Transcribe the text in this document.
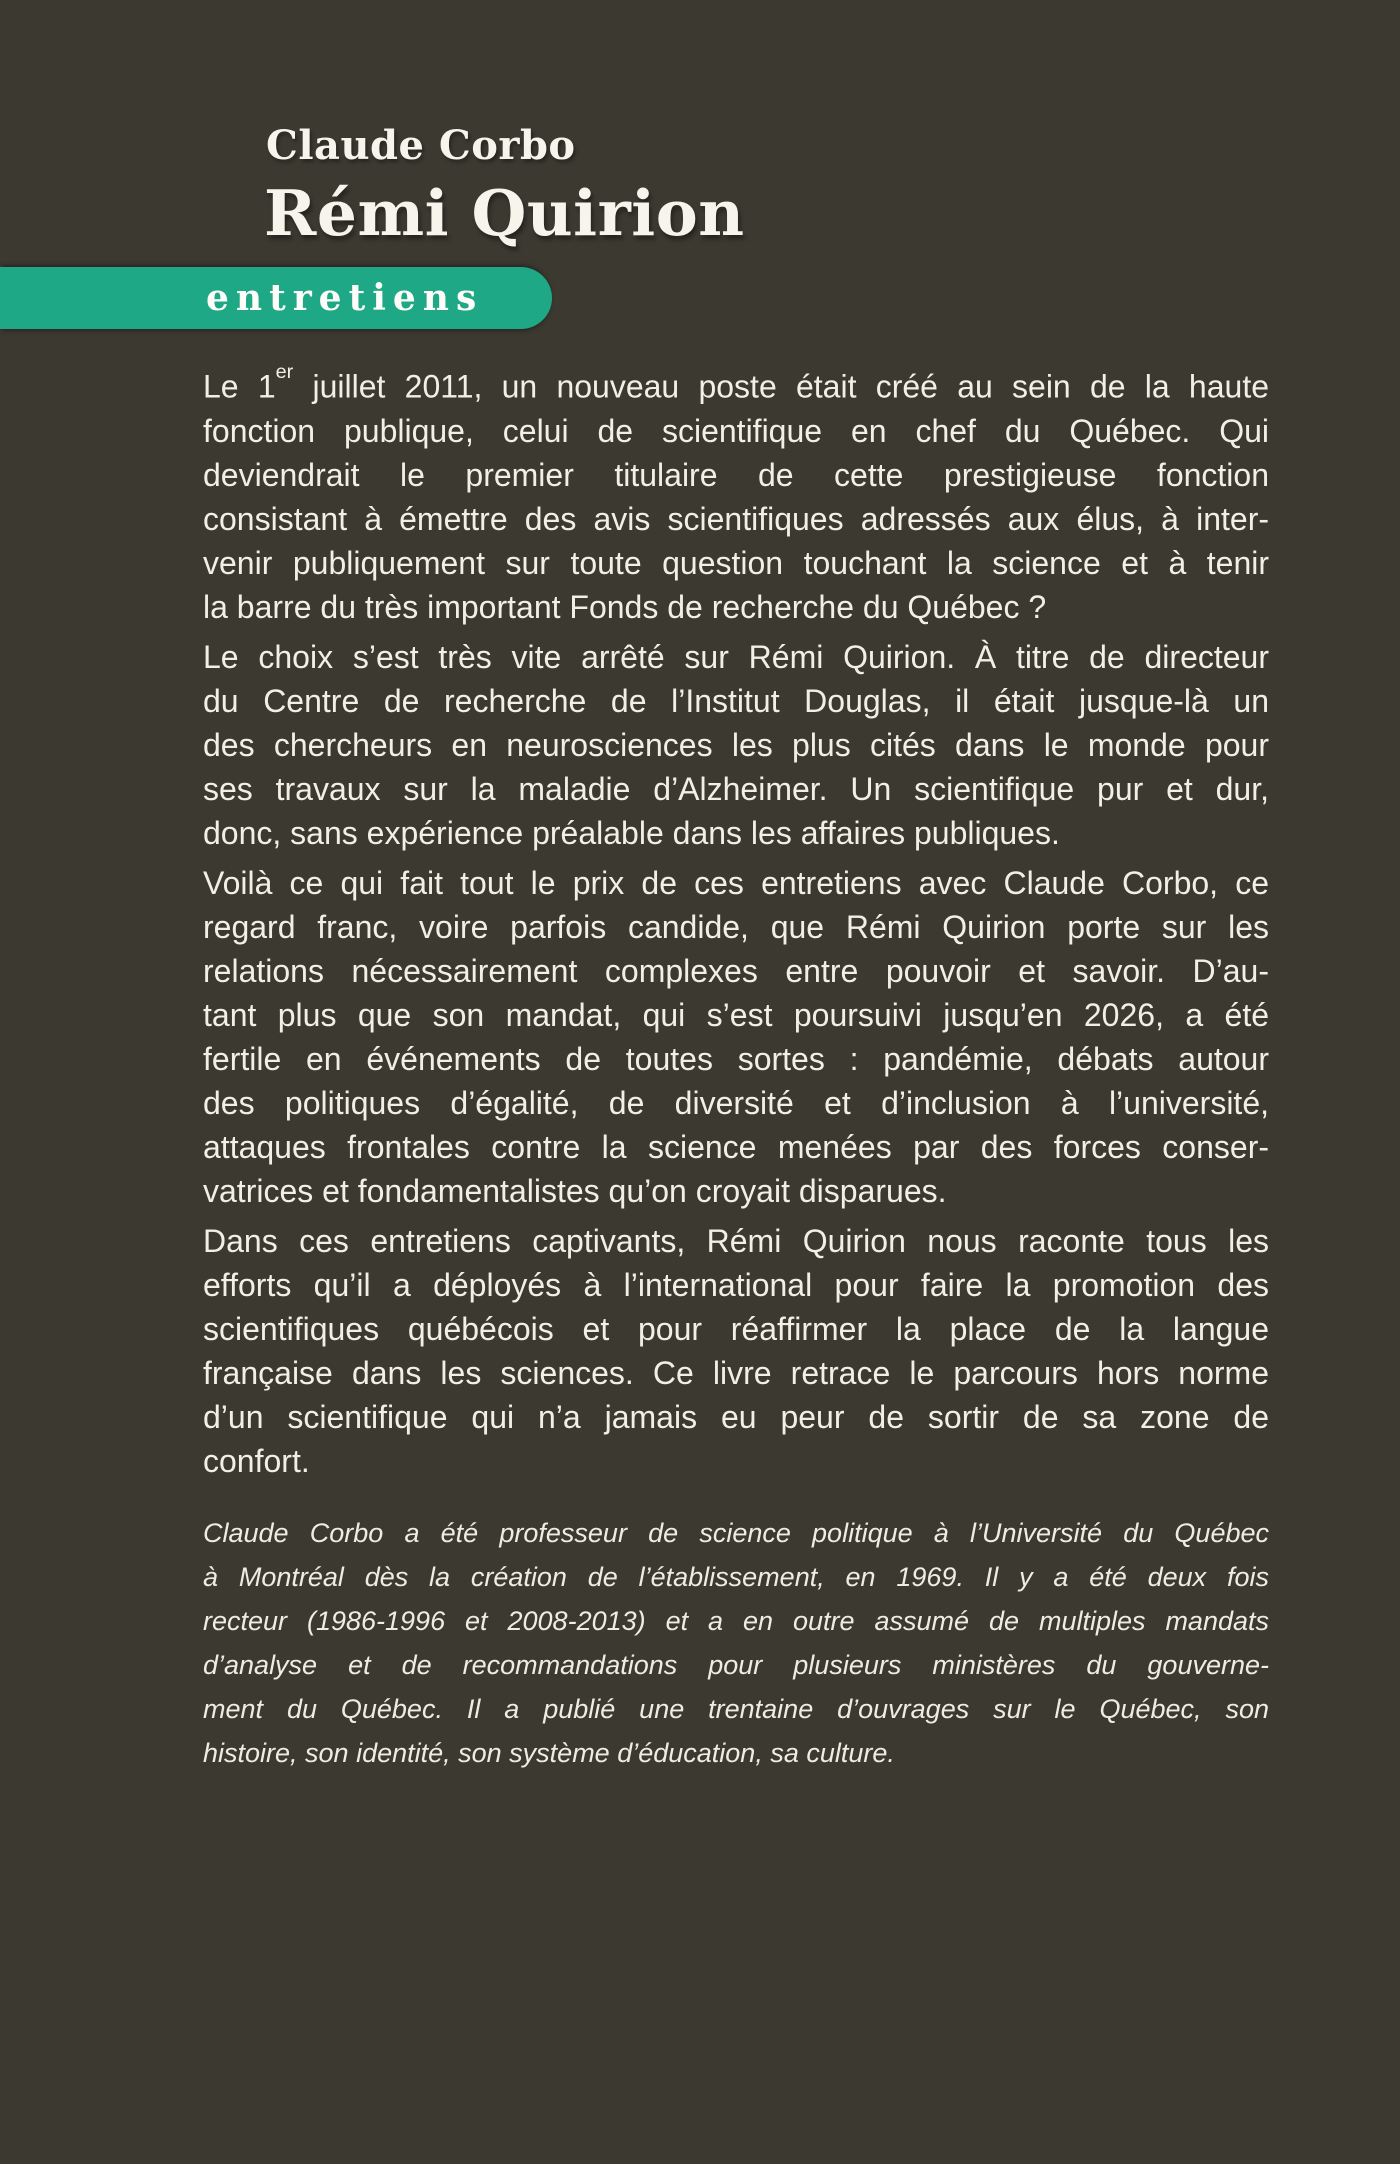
Claude Corbo
Rémi Quirion
entretiens

Le 1er juillet 2011, un nouveau poste était créé au sein de la haute
fonction publique, celui de scientifique en chef du Québec. Qui
deviendrait le premier titulaire de cette prestigieuse fonction
consistant à émettre des avis scientifiques adressés aux élus, à inter-
venir publiquement sur toute question touchant la science et à tenir
la barre du très important Fonds de recherche du Québec ?

Le choix s’est très vite arrêté sur Rémi Quirion. À titre de directeur
du Centre de recherche de l’Institut Douglas, il était jusque-là un
des chercheurs en neurosciences les plus cités dans le monde pour
ses travaux sur la maladie d’Alzheimer. Un scientifique pur et dur,
donc, sans expérience préalable dans les affaires publiques.

Voilà ce qui fait tout le prix de ces entretiens avec Claude Corbo, ce
regard franc, voire parfois candide, que Rémi Quirion porte sur les
relations nécessairement complexes entre pouvoir et savoir. D’au-
tant plus que son mandat, qui s’est poursuivi jusqu’en 2026, a été
fertile en événements de toutes sortes : pandémie, débats autour
des politiques d’égalité, de diversité et d’inclusion à l’université,
attaques frontales contre la science menées par des forces conser-
vatrices et fondamentalistes qu’on croyait disparues.

Dans ces entretiens captivants, Rémi Quirion nous raconte tous les
efforts qu’il a déployés à l’international pour faire la promotion des
scientifiques québécois et pour réaffirmer la place de la langue
française dans les sciences. Ce livre retrace le parcours hors norme
d’un scientifique qui n’a jamais eu peur de sortir de sa zone de
confort.

Claude Corbo a été professeur de science politique à l’Université du Québec
à Montréal dès la création de l’établissement, en 1969. Il y a été deux fois
recteur (1986-1996 et 2008-2013) et a en outre assumé de multiples mandats
d’analyse et de recommandations pour plusieurs ministères du gouverne-
ment du Québec. Il a publié une trentaine d’ouvrages sur le Québec, son
histoire, son identité, son système d’éducation, sa culture.
